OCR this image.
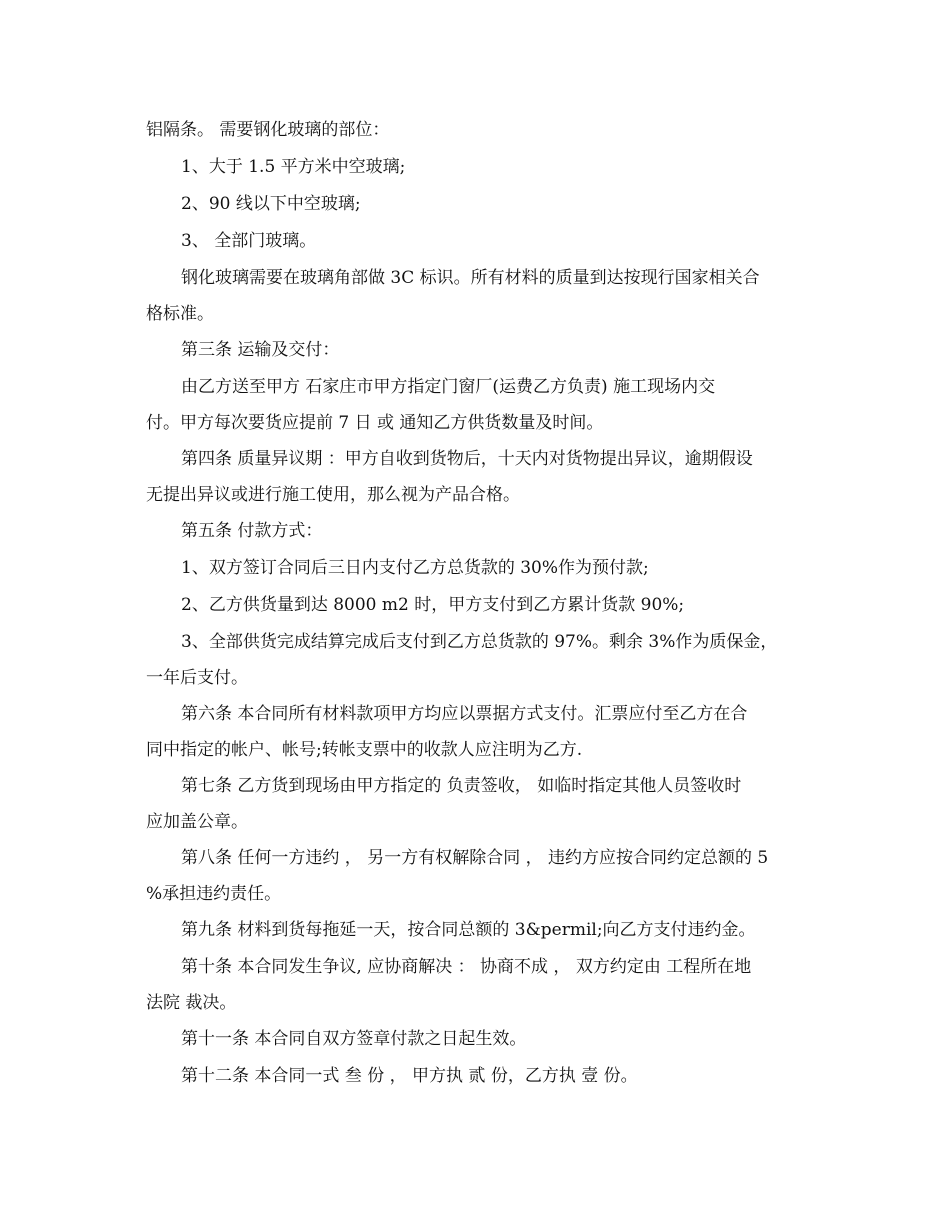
铝隔条。 需要钢化玻璃的部位：
1、大于 1.5 平方米中空玻璃;
2、90 线以下中空玻璃;
3、 全部门玻璃。
钢化玻璃需要在玻璃角部做 3C 标识。所有材料的质量到达按现行国家相关合
格标准。
第三条 运输及交付：
由乙方送至甲方 石家庄市甲方指定门窗厂(运费乙方负责) 施工现场内交
付。甲方每次要货应提前 7 日 或 通知乙方供货数量及时间。
第四条 质量异议期 ：甲方自收到货物后，十天内对货物提出异议，逾期假设
无提出异议或进行施工使用，那么视为产品合格。
第五条 付款方式：
1、双方签订合同后三日内支付乙方总货款的 30%作为预付款;
2、乙方供货量到达 8000 m2 时，甲方支付到乙方累计货款 90%;
3、全部供货完成结算完成后支付到乙方总货款的 97%。剩余 3%作为质保金，
一年后支付。
第六条 本合同所有材料款项甲方均应以票据方式支付。汇票应付至乙方在合
同中指定的帐户、帐号;转帐支票中的收款人应注明为乙方.
第七条 乙方货到现场由甲方指定的 负责签收， 如临时指定其他人员签收时
应加盖公章。
第八条 任何一方违约 ， 另一方有权解除合同 ， 违约方应按合同约定总额的 5
%承担违约责任。
第九条 材料到货每拖延一天，按合同总额的 3&permil;向乙方支付违约金。
第十条 本合同发生争议, 应协商解决 ： 协商不成 ， 双方约定由 工程所在地
法院 裁决。
第十一条 本合同自双方签章付款之日起生效。
第十二条 本合同一式 叁 份 ， 甲方执 贰 份，乙方执 壹 份。
